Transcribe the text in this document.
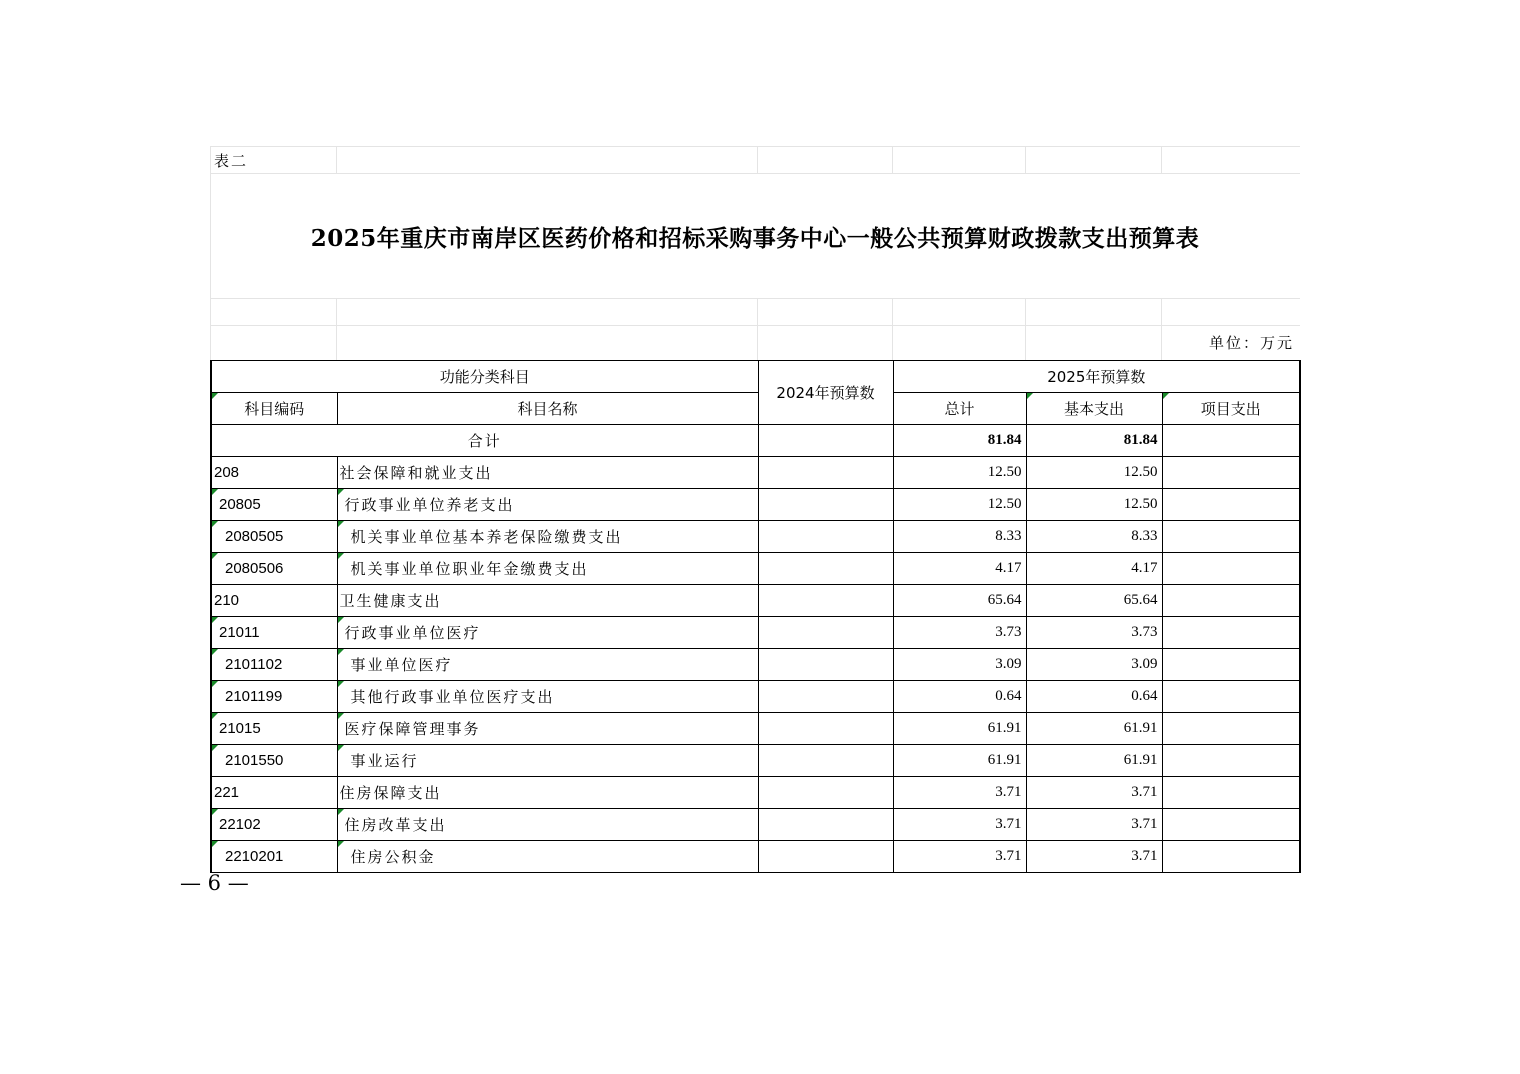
表二
2025年重庆市南岸区医药价格和招标采购事务中心一般公共预算财政拨款支出预算表
单位：万元
功能分类科目		2024年预算数	2025年预算数		
科目编码	科目名称		总计	基本支出	项目支出
合计			81.84	81.84	
208	社会保障和就业支出		12.50	12.50	
20805	行政事业单位养老支出		12.50	12.50	
2080505	机关事业单位基本养老保险缴费支出		8.33	8.33	
2080506	机关事业单位职业年金缴费支出		4.17	4.17	
210	卫生健康支出		65.64	65.64	
21011	行政事业单位医疗		3.73	3.73	
2101102	事业单位医疗		3.09	3.09	
2101199	其他行政事业单位医疗支出		0.64	0.64	
21015	医疗保障管理事务		61.91	61.91	
2101550	事业运行		61.91	61.91	
221	住房保障支出		3.71	3.71	
22102	住房改革支出		3.71	3.71	
2210201	住房公积金		3.71	3.71	
— 6 —
